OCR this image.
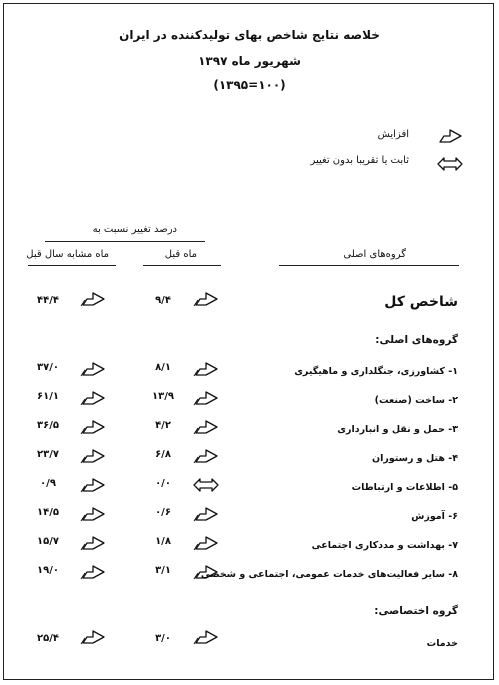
خلاصه نتایج شاخص بهای تولیدکننده در ایران
شهریور ماه ۱۳۹۷
(۱۰۰=۱۳۹۵)
افزایش
ثابت یا تقریبا بدون تغییر
درصد تغییر نسبت به
ماه مشابه سال قبل	ماه قبل	گروه‌های اصلی
شاخص کل
۹/۴
۴۴/۴
گروه‌های اصلی:
۱- کشاورزی، جنگلداری و ماهیگیری
۸/۱
۳۷/۰
۲- ساخت (صنعت)
۱۳/۹
۶۱/۱
۳- حمل و نقل و انبارداری
۴/۲
۳۶/۵
۴- هتل و رستوران
۶/۸
۲۳/۷
۵- اطلاعات و ارتباطات
۰/۰
۰/۹
۶- آموزش
۰/۶
۱۴/۵
۷- بهداشت و مددکاری اجتماعی
۱/۸
۱۵/۷
۸- سایر فعالیت‌های خدمات عمومی، اجتماعی و شخصی
۳/۱
۱۹/۰
گروه اختصاصی:
خدمات
۳/۰
۲۵/۴
